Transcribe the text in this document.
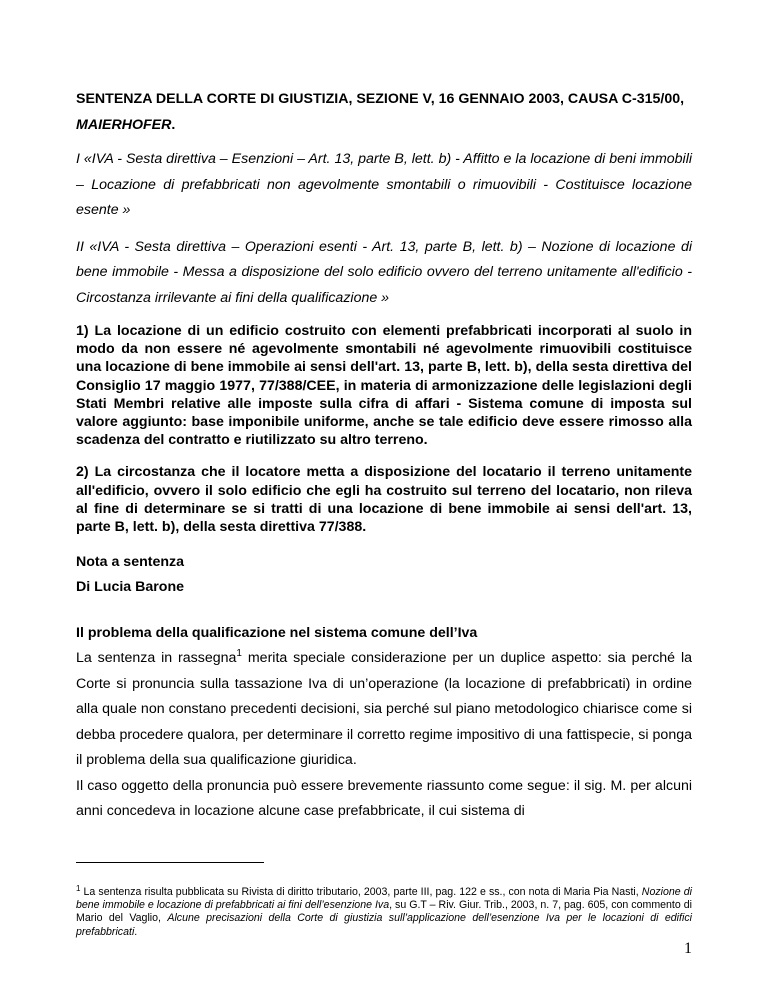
SENTENZA DELLA CORTE DI GIUSTIZIA, SEZIONE V, 16 GENNAIO 2003, CAUSA C-315/00, MAIERHOFER.

I «IVA - Sesta direttiva – Esenzioni – Art. 13, parte B, lett. b) - Affitto e la locazione di beni immobili – Locazione di prefabbricati non agevolmente smontabili o rimuovibili - Costituisce locazione esente »

II «IVA - Sesta direttiva – Operazioni esenti - Art. 13, parte B, lett. b) – Nozione di locazione di bene immobile - Messa a disposizione del solo edificio ovvero del terreno unitamente all'edificio - Circostanza irrilevante ai fini della qualificazione »

1) La locazione di un edificio costruito con elementi prefabbricati incorporati al suolo in modo da non essere né agevolmente smontabili né agevolmente rimuovibili costituisce una locazione di bene immobile ai sensi dell'art. 13, parte B, lett. b), della sesta direttiva del Consiglio 17 maggio 1977, 77/388/CEE, in materia di armonizzazione delle legislazioni degli Stati Membri relative alle imposte sulla cifra di affari - Sistema comune di imposta sul valore aggiunto: base imponibile uniforme, anche se tale edificio deve essere rimosso alla scadenza del contratto e riutilizzato su altro terreno.

2) La circostanza che il locatore metta a disposizione del locatario il terreno unitamente all'edificio, ovvero il solo edificio che egli ha costruito sul terreno del locatario, non rileva al fine di determinare se si tratti di una locazione di bene immobile ai sensi dell'art. 13, parte B, lett. b), della sesta direttiva 77/388.

Nota a sentenza

Di Lucia Barone

Il problema della qualificazione nel sistema comune dell’Iva

La sentenza in rassegna$^1$ merita speciale considerazione per un duplice aspetto: sia perché la Corte si pronuncia sulla tassazione Iva di un’operazione (la locazione di prefabbricati) in ordine alla quale non constano precedenti decisioni, sia perché sul piano metodologico chiarisce come si debba procedere qualora, per determinare il corretto regime impositivo di una fattispecie, si ponga il problema della sua qualificazione giuridica.

Il caso oggetto della pronuncia può essere brevemente riassunto come segue: il sig. M. per alcuni anni concedeva in locazione alcune case prefabbricate, il cui sistema di

$^1$ La sentenza risulta pubblicata su Rivista di diritto tributario, 2003, parte III, pag. 122 e ss., con nota di Maria Pia Nasti, Nozione di bene immobile e locazione di prefabbricati ai fini dell’esenzione Iva, su G.T – Riv. Giur. Trib., 2003, n. 7, pag. 605, con commento di Mario del Vaglio, Alcune precisazioni della Corte di giustizia sull’applicazione dell’esenzione Iva per le locazioni di edifici prefabbricati.

1
